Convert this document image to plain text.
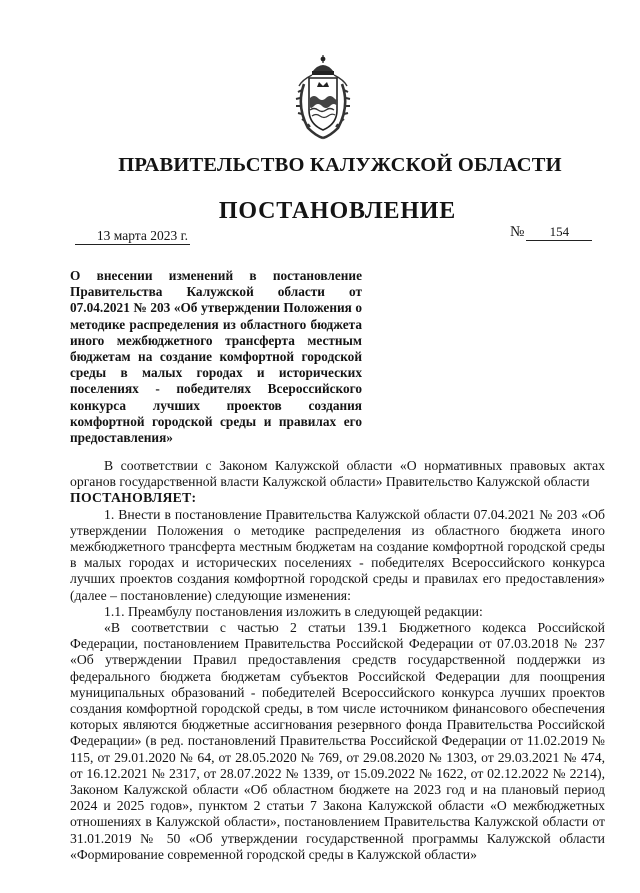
ПРАВИТЕЛЬСТВО КАЛУЖСКОЙ ОБЛАСТИ
ПОСТАНОВЛЕНИЕ
13 марта 2023 г.	№ 154
О внесении изменений в постановление Правительства Калужской области от 07.04.2021 № 203 «Об утверждении Положения о методике распределения из областного бюджета иного межбюджетного трансферта местным бюджетам на создание комфортной городской среды в малых городах и исторических поселениях - победителях Всероссийского конкурса лучших проектов создания комфортной городской среды и правилах его предоставления»

В соответствии с Законом Калужской области «О нормативных правовых актах органов государственной власти Калужской области» Правительство Калужской области

ПОСТАНОВЛЯЕТ:

1. Внести в постановление Правительства Калужской области 07.04.2021 № 203 «Об утверждении Положения о методике распределения из областного бюджета иного межбюджетного трансферта местным бюджетам на создание комфортной городской среды в малых городах и исторических поселениях - победителях Всероссийского конкурса лучших проектов создания комфортной городской среды и правилах его предоставления» (далее – постановление) следующие изменения:

1.1. Преамбулу постановления изложить в следующей редакции:

«В соответствии с частью 2 статьи 139.1 Бюджетного кодекса Российской Федерации, постановлением Правительства Российской Федерации от 07.03.2018 № 237 «Об утверждении Правил предоставления средств государственной поддержки из федерального бюджета бюджетам субъектов Российской Федерации для поощрения муниципальных образований - победителей Всероссийского конкурса лучших проектов создания комфортной городской среды, в том числе источником финансового обеспечения которых являются бюджетные ассигнования резервного фонда Правительства Российской Федерации» (в ред. постановлений Правительства Российской Федерации от 11.02.2019 № 115, от 29.01.2020 № 64, от 28.05.2020 № 769, от 29.08.2020 № 1303, от 29.03.2021 № 474, от 16.12.2021 № 2317, от 28.07.2022 № 1339, от 15.09.2022 № 1622, от 02.12.2022 № 2214), Законом Калужской области «Об областном бюджете на 2023 год и на плановый период 2024 и 2025 годов», пунктом 2 статьи 7 Закона Калужской области «О межбюджетных отношениях в Калужской области», постановлением Правительства Калужской области от 31.01.2019 № 50 «Об утверждении государственной программы Калужской области «Формирование современной городской среды в Калужской области»
